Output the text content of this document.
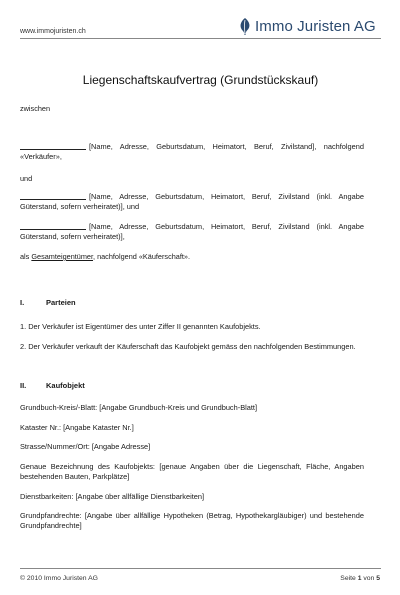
www.immojuristen.ch	Immo Juristen AG
Liegenschaftskaufvertrag (Grundstückskauf)
zwischen
[Name, Adresse, Geburtsdatum, Heimatort, Beruf, Zivilstand], nachfolgend «Verkäufer»,
und
[Name, Adresse, Geburtsdatum, Heimatort, Beruf, Zivilstand (inkl. Angabe Güterstand, sofern verheiratet)], und
[Name, Adresse, Geburtsdatum, Heimatort, Beruf, Zivilstand (inkl. Angabe Güterstand, sofern verheiratet)],
als Gesamteigentümer, nachfolgend «Käuferschaft».
I.	Parteien
1. Der Verkäufer ist Eigentümer des unter Ziffer II genannten Kaufobjekts.
2. Der Verkäufer verkauft der Käuferschaft das Kaufobjekt gemäss den nachfolgenden Bestimmungen.
II.	Kaufobjekt
Grundbuch-Kreis/-Blatt: [Angabe Grundbuch-Kreis und Grundbuch-Blatt]
Kataster Nr.: [Angabe Kataster Nr.]
Strasse/Nummer/Ort: [Angabe Adresse]
Genaue Bezeichnung des Kaufobjekts: [genaue Angaben über die Liegenschaft, Fläche, Angaben bestehenden Bauten, Parkplätze]
Dienstbarkeiten: [Angabe über allfällige Dienstbarkeiten]
Grundpfandrechte: [Angabe über allfällige Hypotheken (Betrag, Hypothekargläubiger) und bestehende Grundpfandrechte]
© 2010 Immo Juristen AG	Seite 1 von 5
